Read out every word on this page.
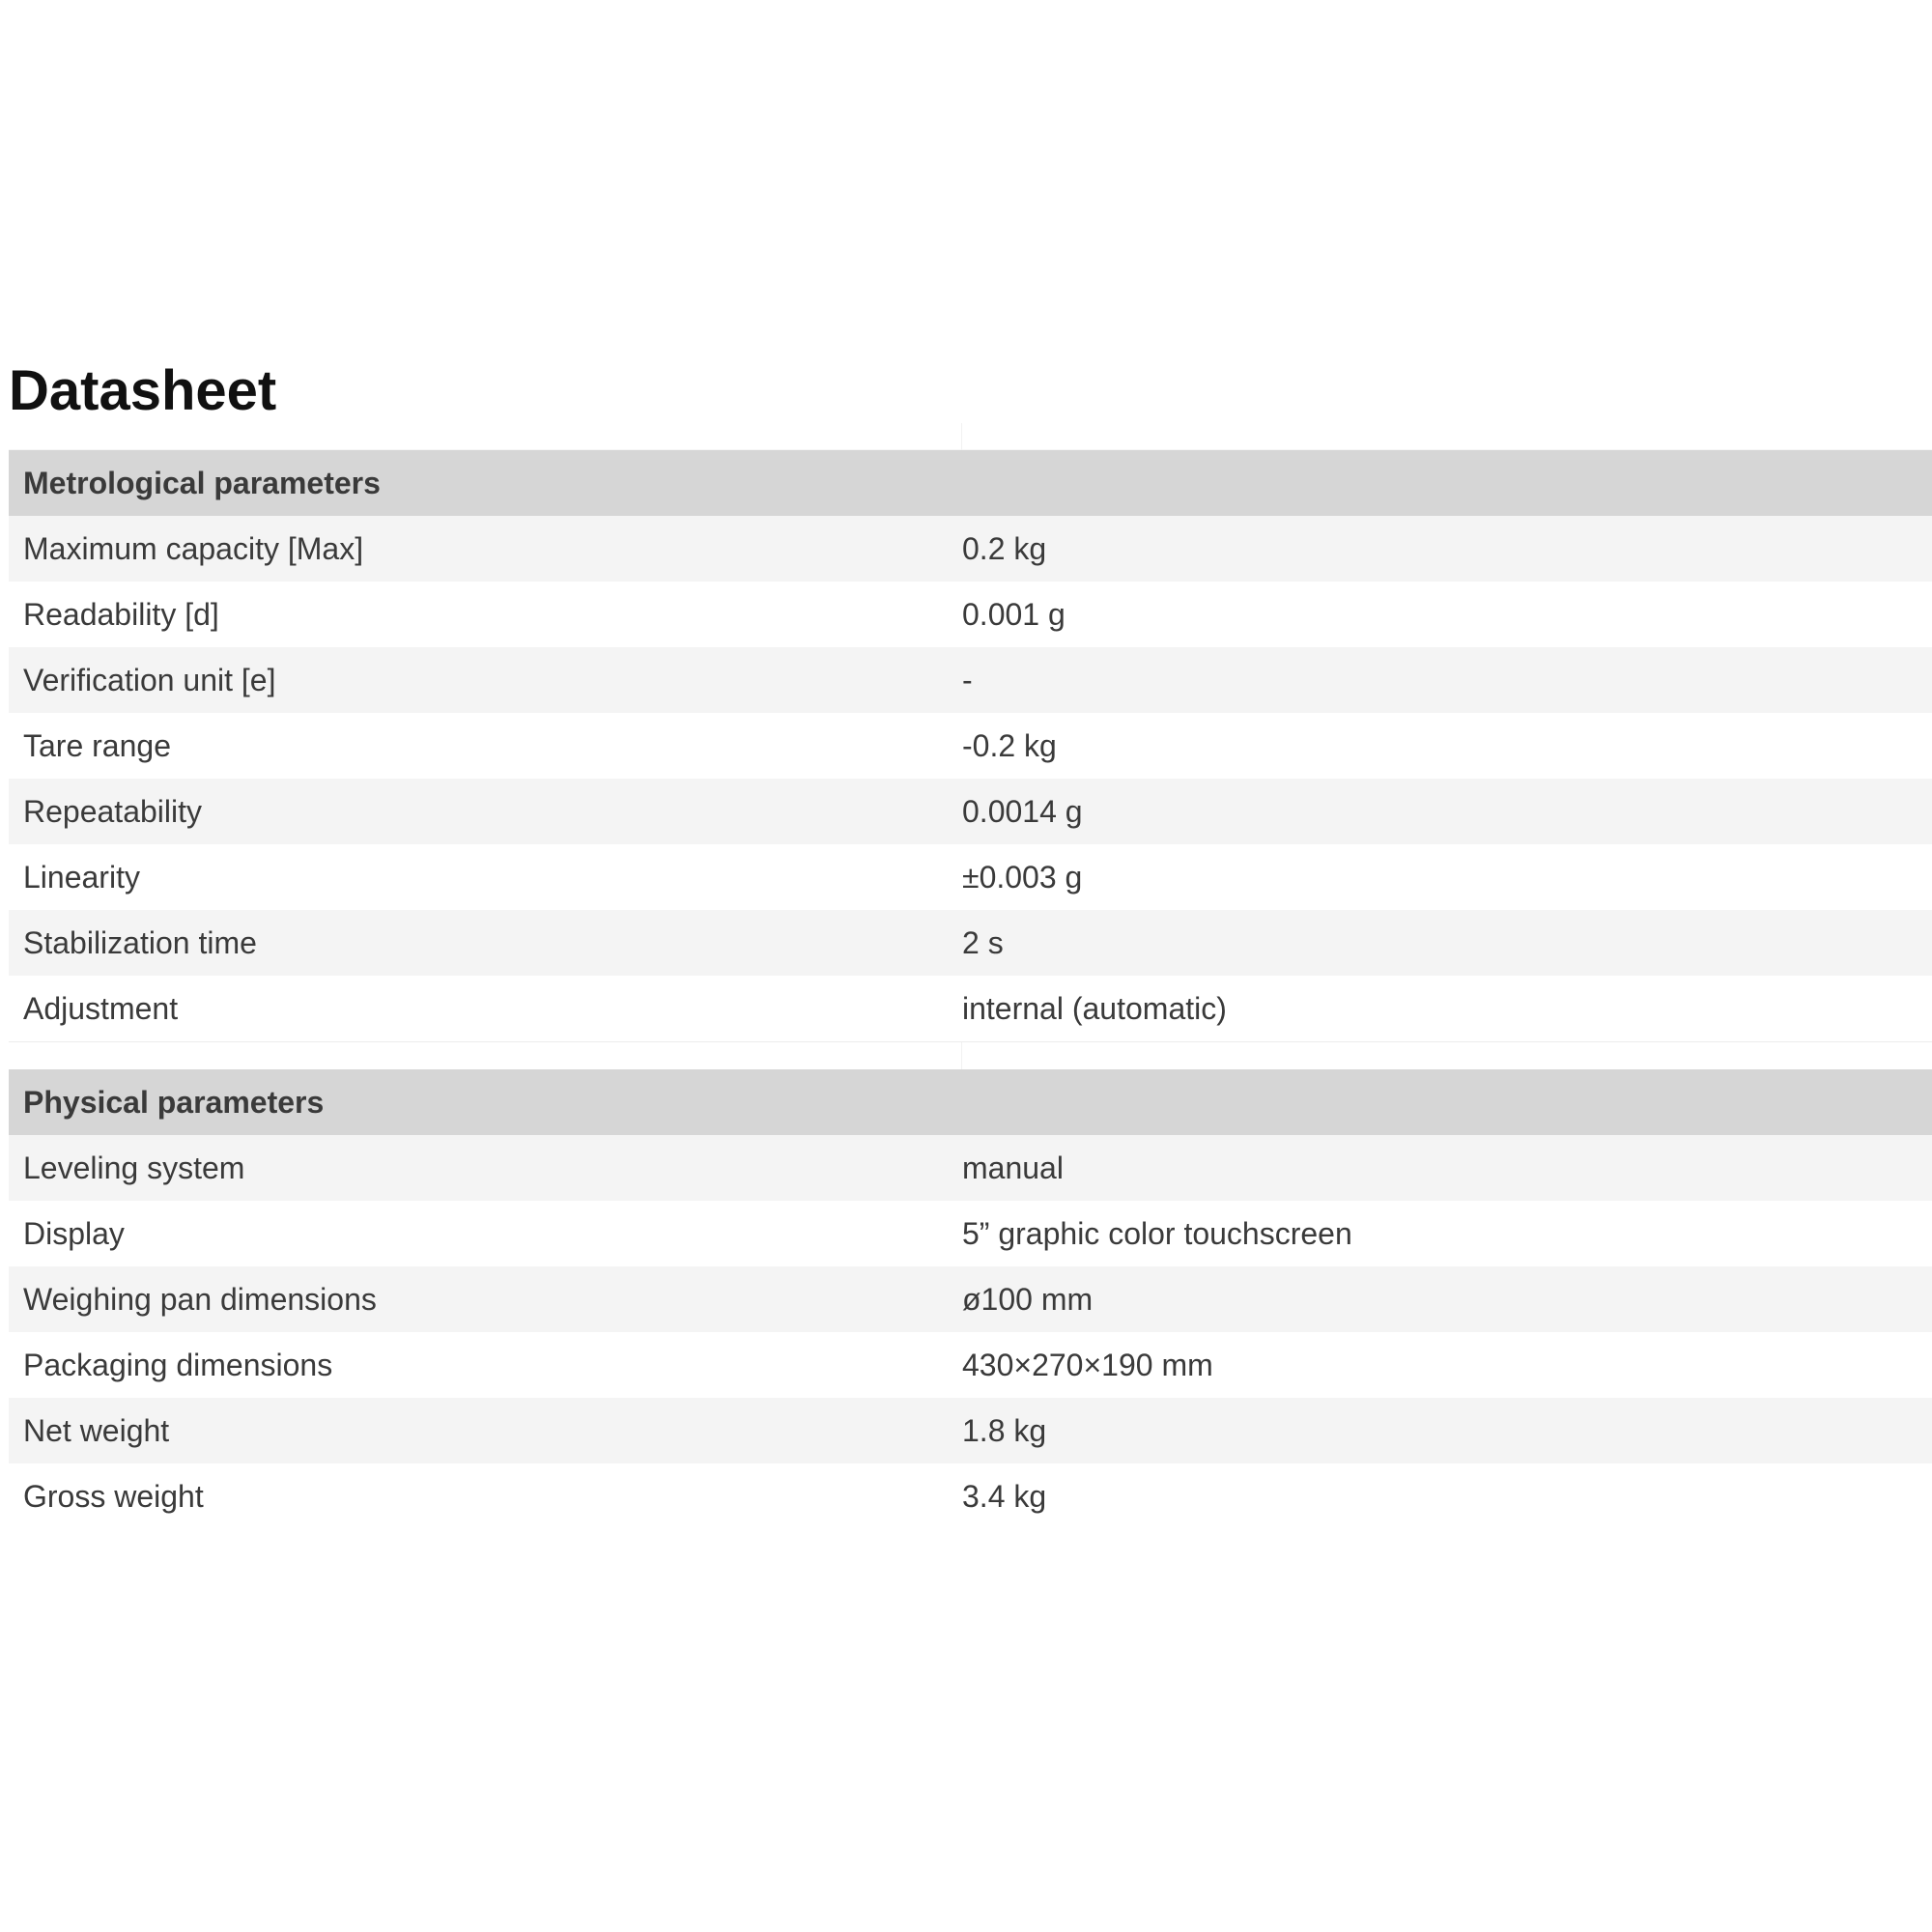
Datasheet
Metrological parameters
Maximum capacity [Max]	0.2 kg
Readability [d]	0.001 g
Verification unit [e]	-
Tare range	-0.2 kg
Repeatability	0.0014 g
Linearity	±0.003 g
Stabilization time	2 s
Adjustment	internal (automatic)
Physical parameters
Leveling system	manual
Display	5” graphic color touchscreen
Weighing pan dimensions	ø100 mm
Packaging dimensions	430×270×190 mm
Net weight	1.8 kg
Gross weight	3.4 kg
